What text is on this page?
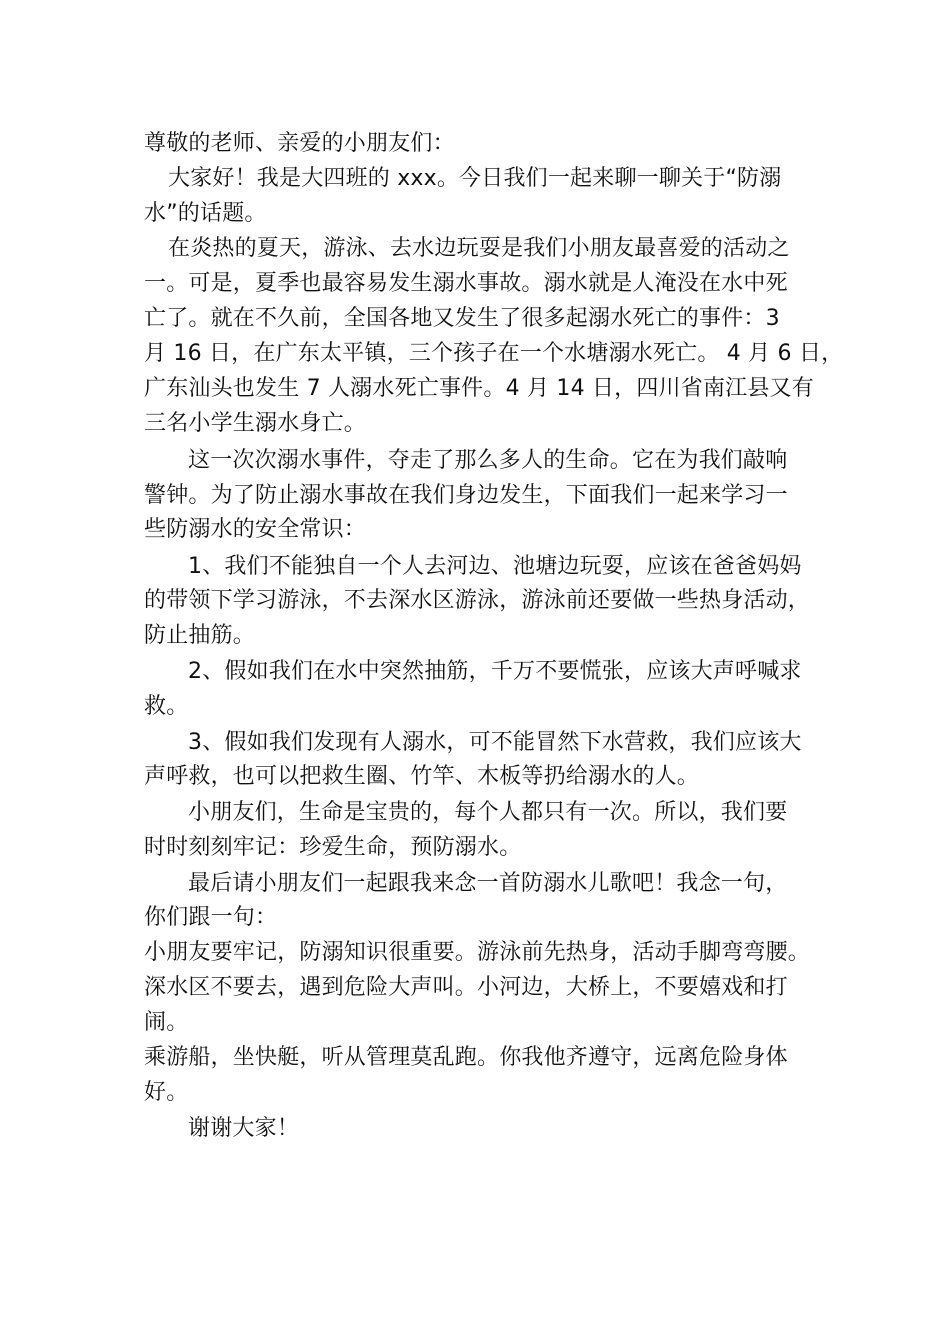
尊敬的老师、亲爱的小朋友们：
大家好！我是大四班的 xxx。今日我们一起来聊一聊关于“防溺
水”的话题。
在炎热的夏天，游泳、去水边玩耍是我们小朋友最喜爱的活动之
一。可是，夏季也最容易发生溺水事故。溺水就是人淹没在水中死
亡了。就在不久前，全国各地又发生了很多起溺水死亡的事件：3
月 16 日，在广东太平镇，三个孩子在一个水塘溺水死亡。 4 月 6 日，
广东汕头也发生 7 人溺水死亡事件。4 月 14 日，四川省南江县又有
三名小学生溺水身亡。
这一次次溺水事件，夺走了那么多人的生命。它在为我们敲响
警钟。为了防止溺水事故在我们身边发生，下面我们一起来学习一
些防溺水的安全常识：
1、我们不能独自一个人去河边、池塘边玩耍，应该在爸爸妈妈
的带领下学习游泳，不去深水区游泳，游泳前还要做一些热身活动，
防止抽筋。
2、假如我们在水中突然抽筋，千万不要慌张，应该大声呼喊求
救。
3、假如我们发现有人溺水，可不能冒然下水营救，我们应该大
声呼救，也可以把救生圈、竹竿、木板等扔给溺水的人。
小朋友们，生命是宝贵的，每个人都只有一次。所以，我们要
时时刻刻牢记：珍爱生命，预防溺水。
最后请小朋友们一起跟我来念一首防溺水儿歌吧！我念一句，
你们跟一句：
小朋友要牢记，防溺知识很重要。游泳前先热身，活动手脚弯弯腰。
深水区不要去，遇到危险大声叫。小河边，大桥上，不要嬉戏和打
闹。
乘游船，坐快艇，听从管理莫乱跑。你我他齐遵守，远离危险身体
好。
谢谢大家！
